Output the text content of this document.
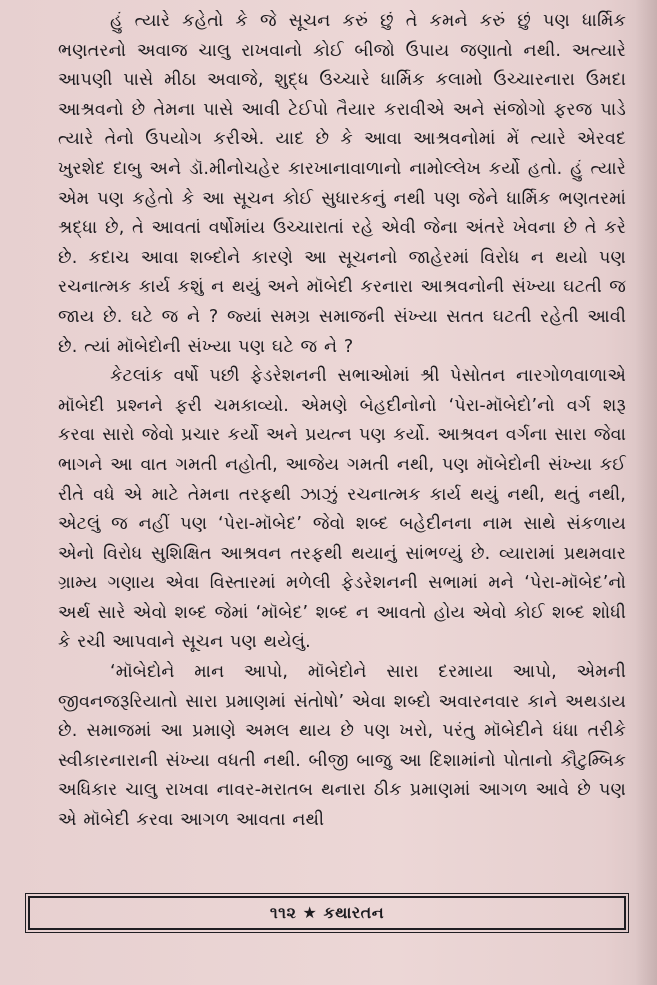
હું ત્યારે કહેતો કે જે સૂચન કરું છું તે કમને કરું છું પણ ધાર્મિક ભણતરનો અવાજ ચાલુ રાખવાનો કોઈ બીજો ઉપાય જણાતો નથી. અત્યારે આપણી પાસે મીઠા અવાજે, શુદ્ધ ઉચ્ચારે ધાર્મિક કલામો ઉચ્ચારનારા ઉમદા આશ્રવનો છે તેમના પાસે આવી ટેઈપો તૈયાર કરાવીએ અને સંજોગો ફરજ પાડે ત્યારે તેનો ઉપયોગ કરીએ. યાદ છે કે આવા આશ્રવનોમાં મેં ત્યારે એરવદ ખુરશેદ દાબુ અને ડૉ.મીનોચહેર કારખાનાવાળાનો નામોલ્લેખ કર્યો હતો. હું ત્યારે એમ પણ કહેતો કે આ સૂચન કોઈ સુધારકનું નથી પણ જેને ધાર્મિક ભણતરમાં શ્રદ્ધા છે, તે આવતાં વર્ષોમાંય ઉચ્ચારાતાં રહે એવી જેના અંતરે ખેવના છે તે કરે છે. કદાચ આવા શબ્દોને કારણે આ સૂચનનો જાહેરમાં વિરોધ ન થયો પણ રચનાત્મક કાર્ય કશું ન થયું અને મૉબેદી કરનારા આશ્રવનોની સંખ્યા ઘટતી જ જાય છે. ઘટે જ ને ? જ્યાં સમગ્ર સમાજની સંખ્યા સતત ઘટતી રહેતી આવી છે. ત્યાં મૉબેદોની સંખ્યા પણ ઘટે જ ને ?

કેટલાંક વર્ષો પછી ફેડરેશનની સભાઓમાં શ્રી પેસોતન નારગોળવાળાએ મૉબેદી પ્રશ્નને ફરી ચમકાવ્યો. એમણે બેહદીનોનો ‘પેરા-મૉબેદો’નો વર્ગ શરૂ કરવા સારો જેવો પ્રચાર કર્યો અને પ્રયત્ન પણ કર્યો. આશ્રવન વર્ગના સારા જેવા ભાગને આ વાત ગમતી નહોતી, આજેય ગમતી નથી, પણ મૉબેદોની સંખ્યા કઈ રીતે વધે એ માટે તેમના તરફથી ઝાઝું રચનાત્મક કાર્ય થયું નથી, થતું નથી, એટલું જ નહીં પણ ‘પેરા-મૉબેદ’ જેવો શબ્દ બહેદીનના નામ સાથે સંકળાય એનો વિરોધ સુશિક્ષિત આશ્રવન તરફથી થયાનું સાંભળ્યું છે. વ્યારામાં પ્રથમવાર ગ્રામ્ય ગણાય એવા વિસ્તારમાં મળેલી ફેડરેશનની સભામાં મને ‘પેરા-મૉબેદ’નો અર્થ સારે એવો શબ્દ જેમાં ‘મૉબેદ’ શબ્દ ન આવતો હોય એવો કોઈ શબ્દ શોધી કે રચી આપવાને સૂચન પણ થયેલું.

‘મૉબેદોને માન આપો, મૉબેદોને સારા દરમાયા આપો, એમની જીવનજરૂરિયાતો સારા પ્રમાણમાં સંતોષો’ એવા શબ્દો અવારનવાર કાને અથડાય છે. સમાજમાં આ પ્રમાણે અમલ થાય છે પણ ખરો, પરંતુ મૉબેદીને ધંધા તરીકે સ્વીકારનારાની સંખ્યા વધતી નથી. બીજી બાજુ આ દિશામાંનો પોતાનો કૌટુમ્બિક અધિકાર ચાલુ રાખવા નાવર-મરાતબ થનારા ઠીક પ્રમાણમાં આગળ આવે છે પણ એ મૉબેદી કરવા આગળ આવતા નથી

૧૧૨ ★ કથારતન
